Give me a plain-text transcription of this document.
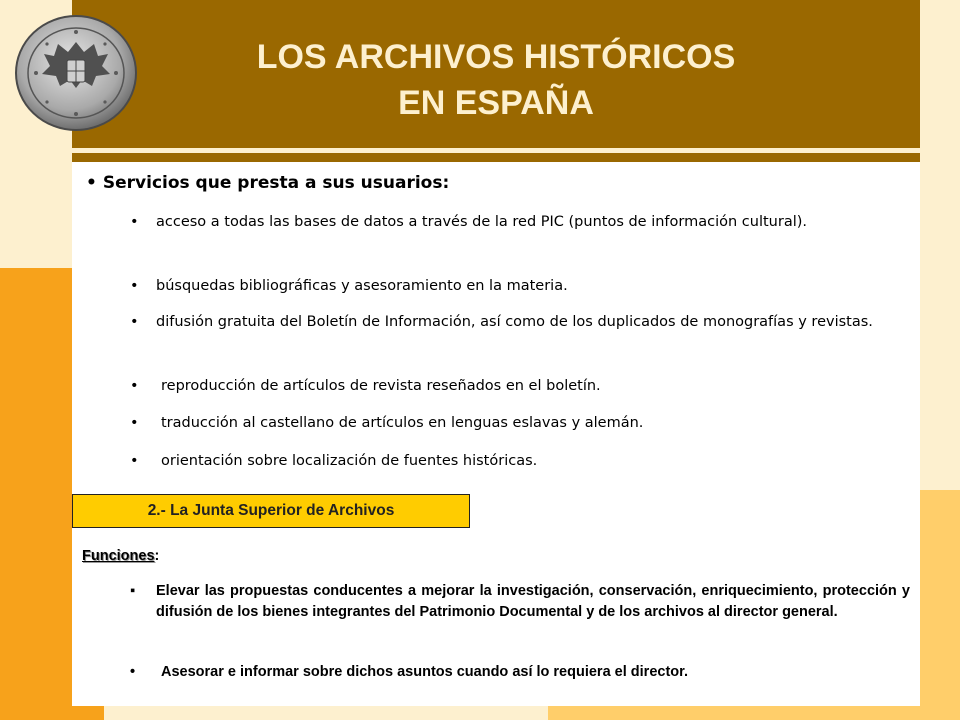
LOS ARCHIVOS HISTÓRICOS
EN ESPAÑA
• Servicios que presta a sus usuarios:
• acceso a todas las bases de datos a través de la red PIC (puntos de información cultural).
• búsquedas bibliográficas y asesoramiento en la materia.
• difusión gratuita del Boletín de Información, así como de los duplicados de monografías y revistas.
• reproducción de artículos de revista reseñados en el boletín.
• traducción al castellano de artículos en lenguas eslavas y alemán.
• orientación sobre localización de fuentes históricas.
2.- La Junta Superior de Archivos
Funciones:
▪ Elevar las propuestas conducentes a mejorar la investigación, conservación, enriquecimiento, protección y difusión de los bienes integrantes del Patrimonio Documental y de los archivos al director general.
• Asesorar e informar sobre dichos asuntos cuando así lo requiera el director.
